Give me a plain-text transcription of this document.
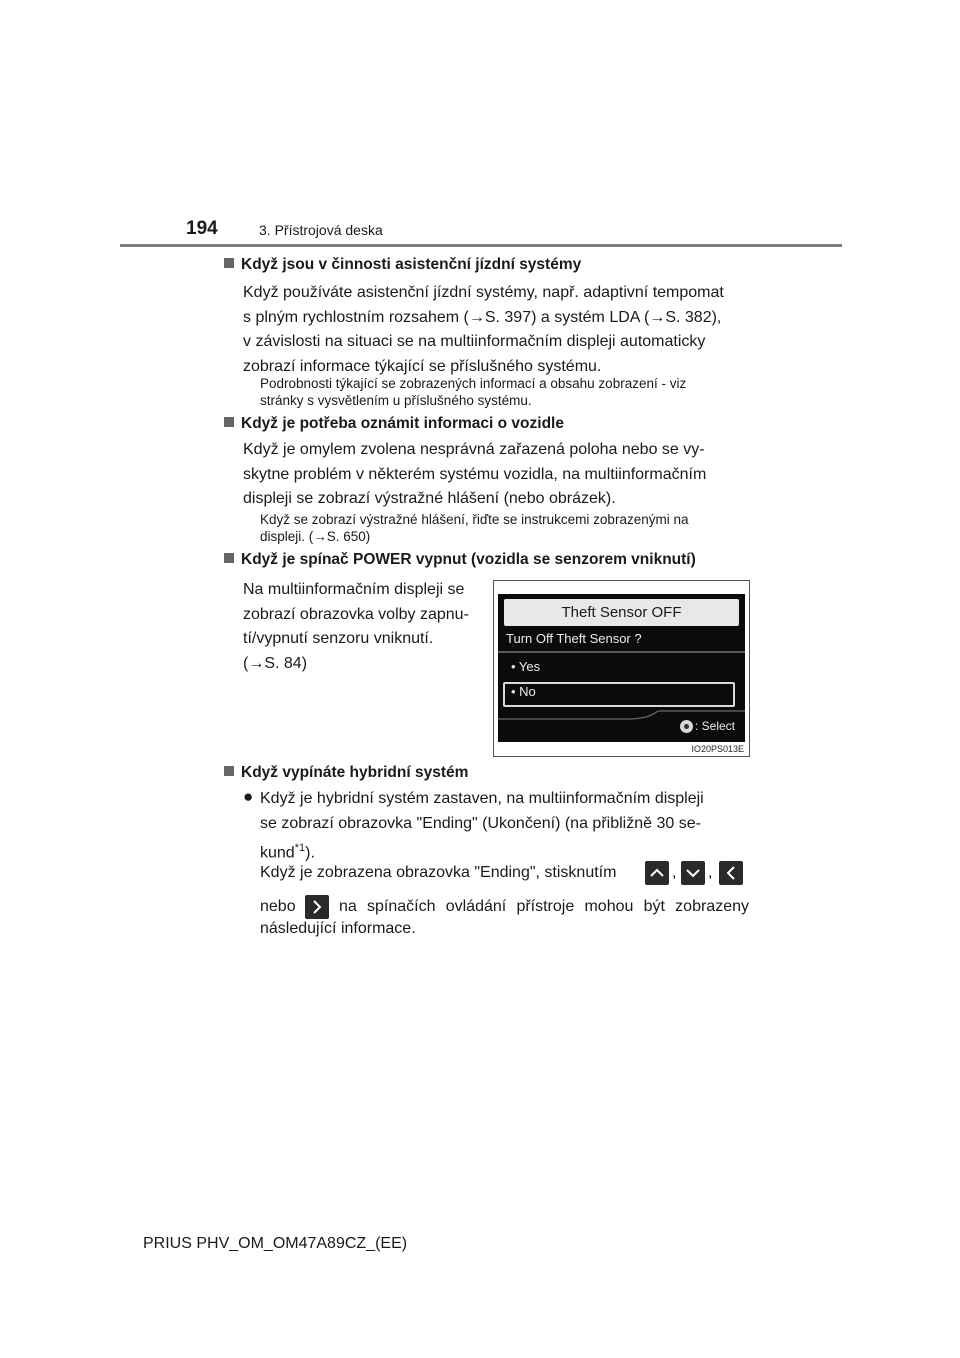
194	3. Přístrojová deska
Když jsou v činnosti asistenční jízdní systémy
Když používáte asistenční jízdní systémy, např. adaptivní tempomat
s plným rychlostním rozsahem (→S. 397) a systém LDA (→S. 382),
v závislosti na situaci se na multiinformačním displeji automaticky
zobrazí informace týkající se příslušného systému.
Podrobnosti týkající se zobrazených informací a obsahu zobrazení - viz
stránky s vysvětlením u příslušného systému.
Když je potřeba oznámit informaci o vozidle
Když je omylem zvolena nesprávná zařazená poloha nebo se vy-
skytne problém v některém systému vozidla, na multiinformačním
displeji se zobrazí výstražné hlášení (nebo obrázek).
Když se zobrazí výstražné hlášení, řiďte se instrukcemi zobrazenými na
displeji. (→S. 650)
Když je spínač POWER vypnut (vozidla se senzorem vniknutí)
Na multiinformačním displeji se
zobrazí obrazovka volby zapnu-
tí/vypnutí senzoru vniknutí.
(→S. 84)
Theft Sensor OFF
Turn Off Theft Sensor ?
• Yes
• No
: Select
IO20PS013E
Když vypínáte hybridní systém
● Když je hybridní systém zastaven, na multiinformačním displeji
se zobrazí obrazovka "Ending" (Ukončení) (na přibližně 30 se-
kund$^{*1}$).
Když je zobrazena obrazovka "Ending", stisknutím	, ,
nebo	na spínačích ovládání přístroje mohou být zobrazeny
následující informace.
PRIUS PHV_OM_OM47A89CZ_(EE)
